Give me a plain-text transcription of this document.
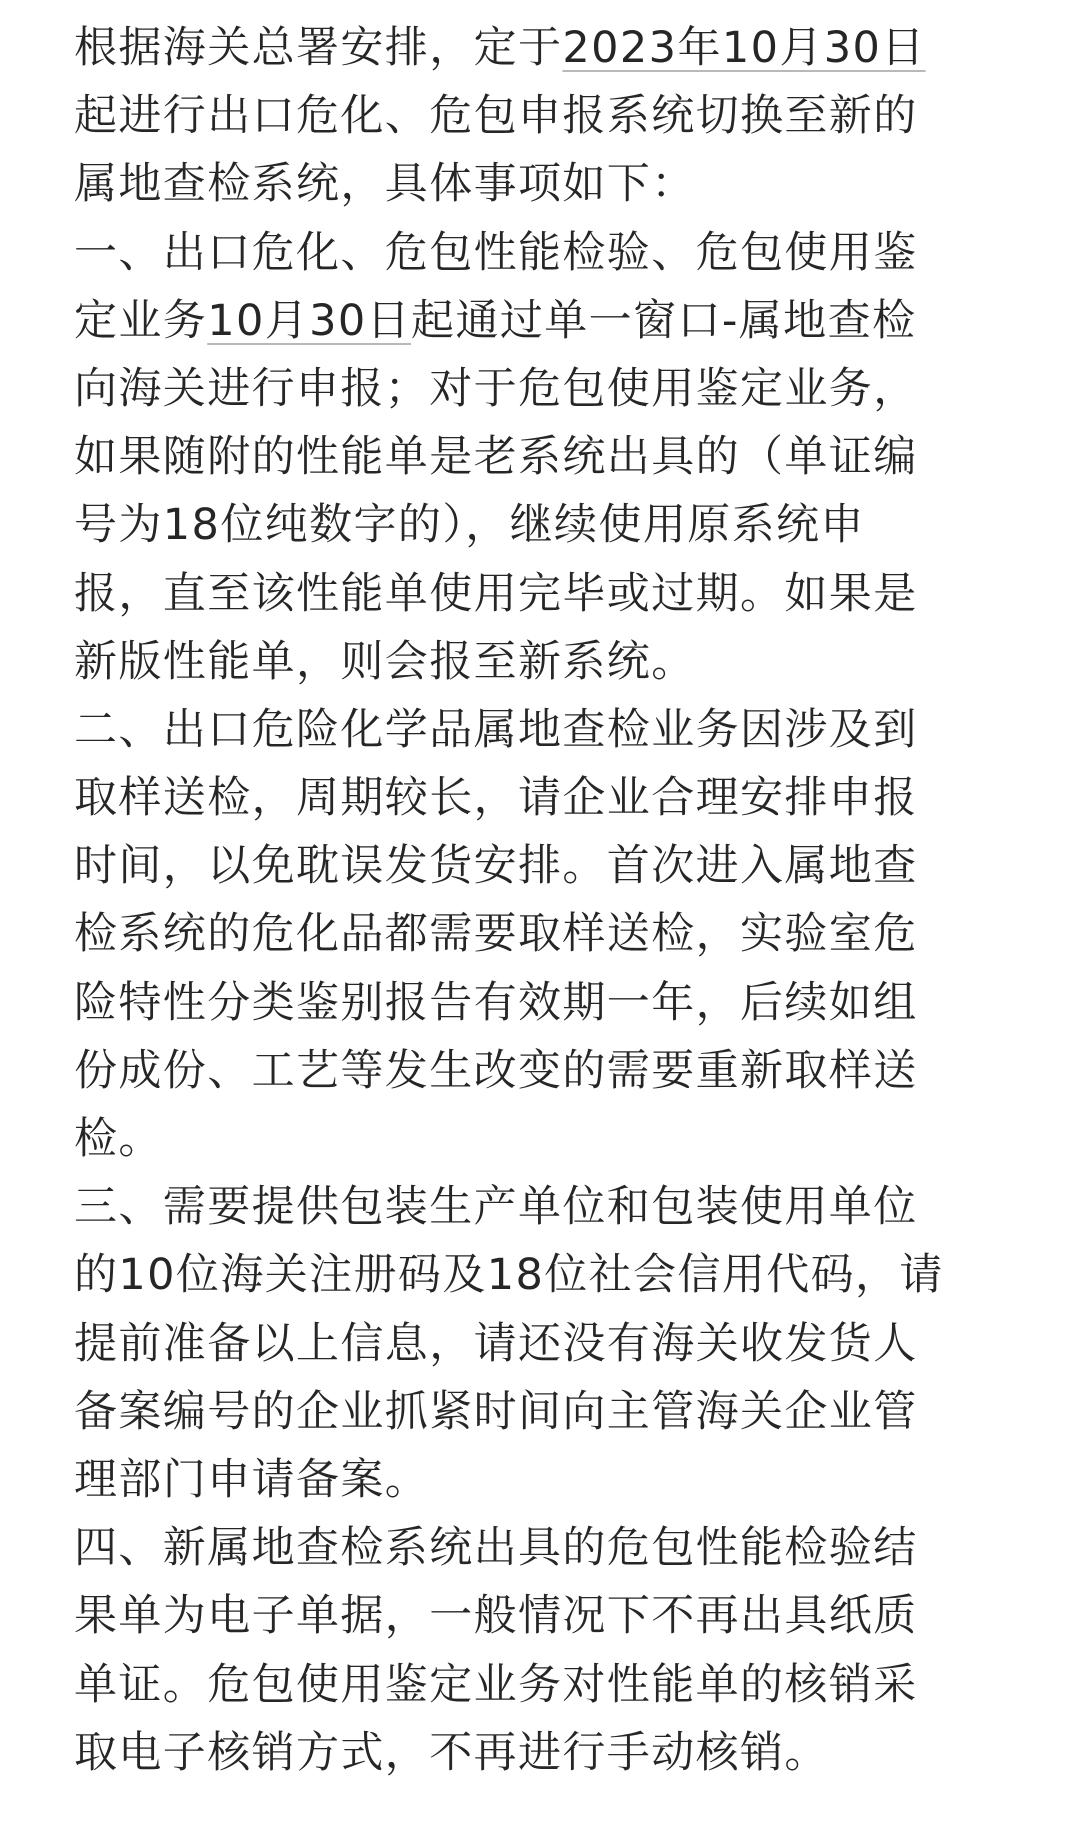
根据海关总署安排，定于2023年10月30日
起进行出口危化、危包申报系统切换至新的
属地查检系统，具体事项如下：
一、出口危化、危包性能检验、危包使用鉴
定业务10月30日起通过单一窗口-属地查检
向海关进行申报；对于危包使用鉴定业务，
如果随附的性能单是老系统出具的（单证编
号为18位纯数字的），继续使用原系统申
报，直至该性能单使用完毕或过期。如果是
新版性能单，则会报至新系统。
二、出口危险化学品属地查检业务因涉及到
取样送检，周期较长，请企业合理安排申报
时间，以免耽误发货安排。首次进入属地查
检系统的危化品都需要取样送检，实验室危
险特性分类鉴别报告有效期一年，后续如组
份成份、工艺等发生改变的需要重新取样送
检。
三、需要提供包装生产单位和包装使用单位
的10位海关注册码及18位社会信用代码，请
提前准备以上信息，请还没有海关收发货人
备案编号的企业抓紧时间向主管海关企业管
理部门申请备案。
四、新属地查检系统出具的危包性能检验结
果单为电子单据，一般情况下不再出具纸质
单证。危包使用鉴定业务对性能单的核销采
取电子核销方式，不再进行手动核销。
